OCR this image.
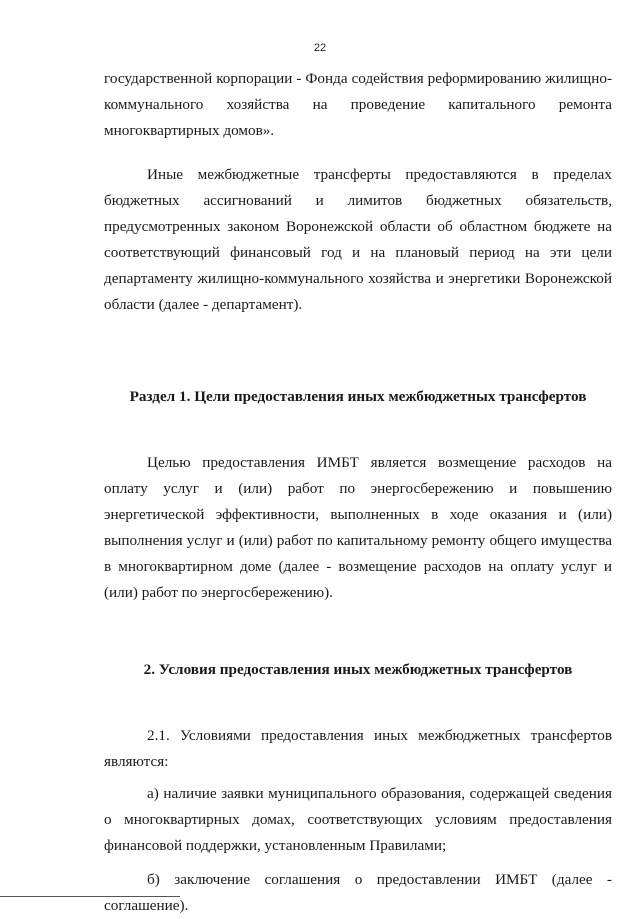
22

государственной корпорации - Фонда содействия реформированию жилищно-коммунального хозяйства на проведение капитального ремонта многоквартирных домов».

Иные межбюджетные трансферты предоставляются в пределах бюджетных ассигнований и лимитов бюджетных обязательств, предусмотренных законом Воронежской области об областном бюджете на соответствующий финансовый год и на плановый период на эти цели департаменту жилищно-коммунального хозяйства и энергетики Воронежской области (далее - департамент).

Раздел 1. Цели предоставления иных межбюджетных трансфертов

Целью предоставления ИМБТ является возмещение расходов на оплату услуг и (или) работ по энергосбережению и повышению энергетической эффективности, выполненных в ходе оказания и (или) выполнения услуг и (или) работ по капитальному ремонту общего имущества в многоквартирном доме (далее - возмещение расходов на оплату услуг и (или) работ по энергосбережению).

2. Условия предоставления иных межбюджетных трансфертов

2.1. Условиями предоставления иных межбюджетных трансфертов являются:

а) наличие заявки муниципального образования, содержащей сведения о многоквартирных домах, соответствующих условиям предоставления финансовой поддержки, установленным Правилами;

б) заключение соглашения о предоставлении ИМБТ (далее - соглашение).
